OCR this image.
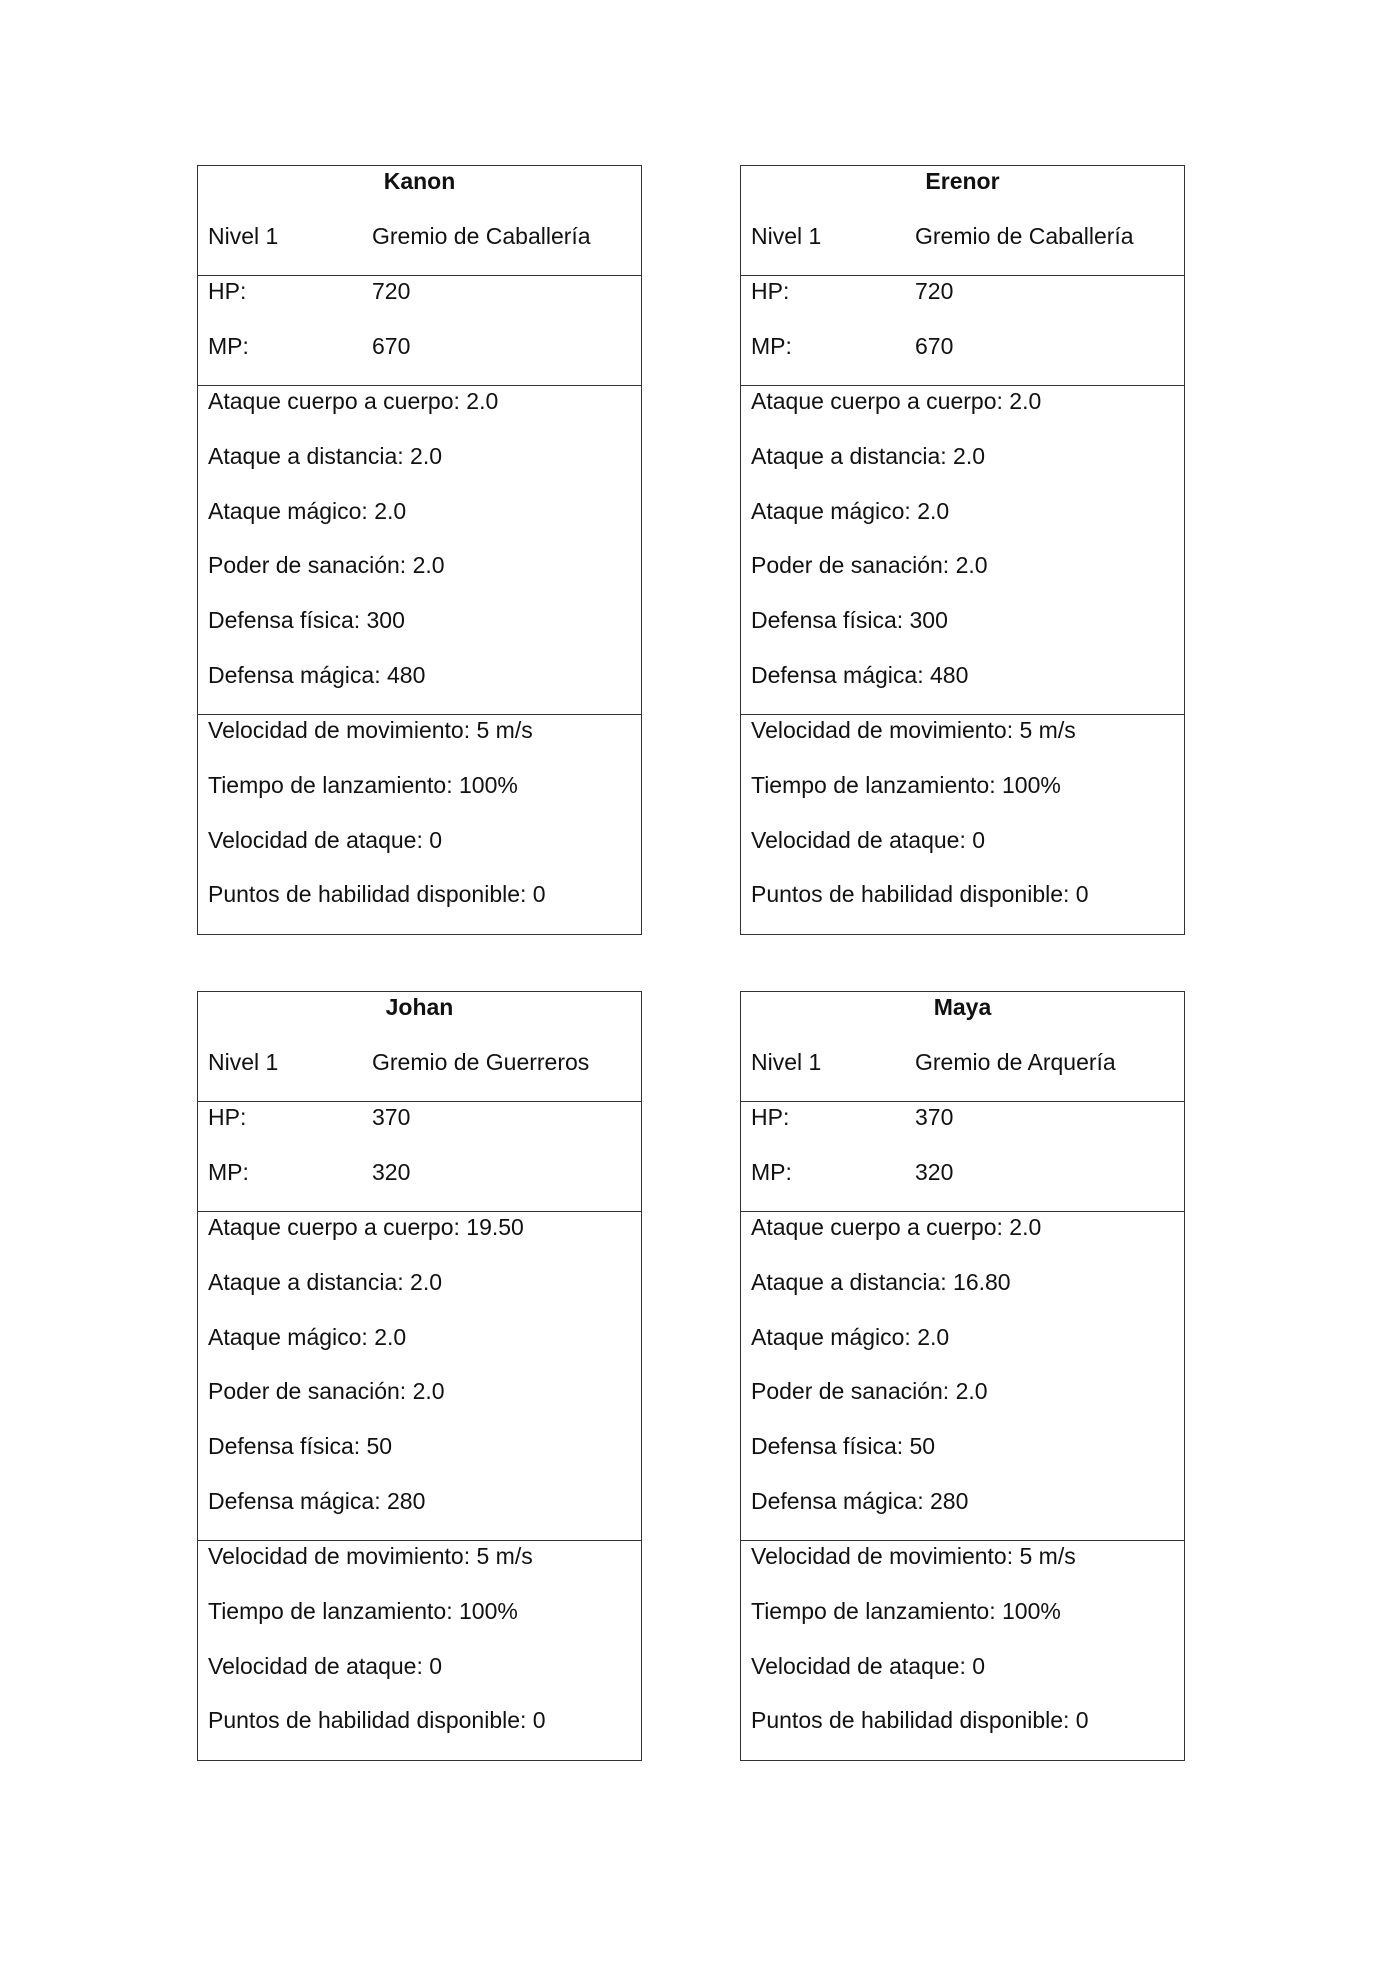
Kanon
Nivel 1	Gremio de Caballería
HP:	720
MP:	670
Ataque cuerpo a cuerpo: 2.0
Ataque a distancia: 2.0
Ataque mágico: 2.0
Poder de sanación: 2.0
Defensa física: 300
Defensa mágica: 480
Velocidad de movimiento: 5 m/s
Tiempo de lanzamiento: 100%
Velocidad de ataque: 0
Puntos de habilidad disponible: 0
Erenor
Nivel 1	Gremio de Caballería
HP:	720
MP:	670
Ataque cuerpo a cuerpo: 2.0
Ataque a distancia: 2.0
Ataque mágico: 2.0
Poder de sanación: 2.0
Defensa física: 300
Defensa mágica: 480
Velocidad de movimiento: 5 m/s
Tiempo de lanzamiento: 100%
Velocidad de ataque: 0
Puntos de habilidad disponible: 0
Johan
Nivel 1	Gremio de Guerreros
HP:	370
MP:	320
Ataque cuerpo a cuerpo: 19.50
Ataque a distancia: 2.0
Ataque mágico: 2.0
Poder de sanación: 2.0
Defensa física: 50
Defensa mágica: 280
Velocidad de movimiento: 5 m/s
Tiempo de lanzamiento: 100%
Velocidad de ataque: 0
Puntos de habilidad disponible: 0
Maya
Nivel 1	Gremio de Arquería
HP:	370
MP:	320
Ataque cuerpo a cuerpo: 2.0
Ataque a distancia: 16.80
Ataque mágico: 2.0
Poder de sanación: 2.0
Defensa física: 50
Defensa mágica: 280
Velocidad de movimiento: 5 m/s
Tiempo de lanzamiento: 100%
Velocidad de ataque: 0
Puntos de habilidad disponible: 0
